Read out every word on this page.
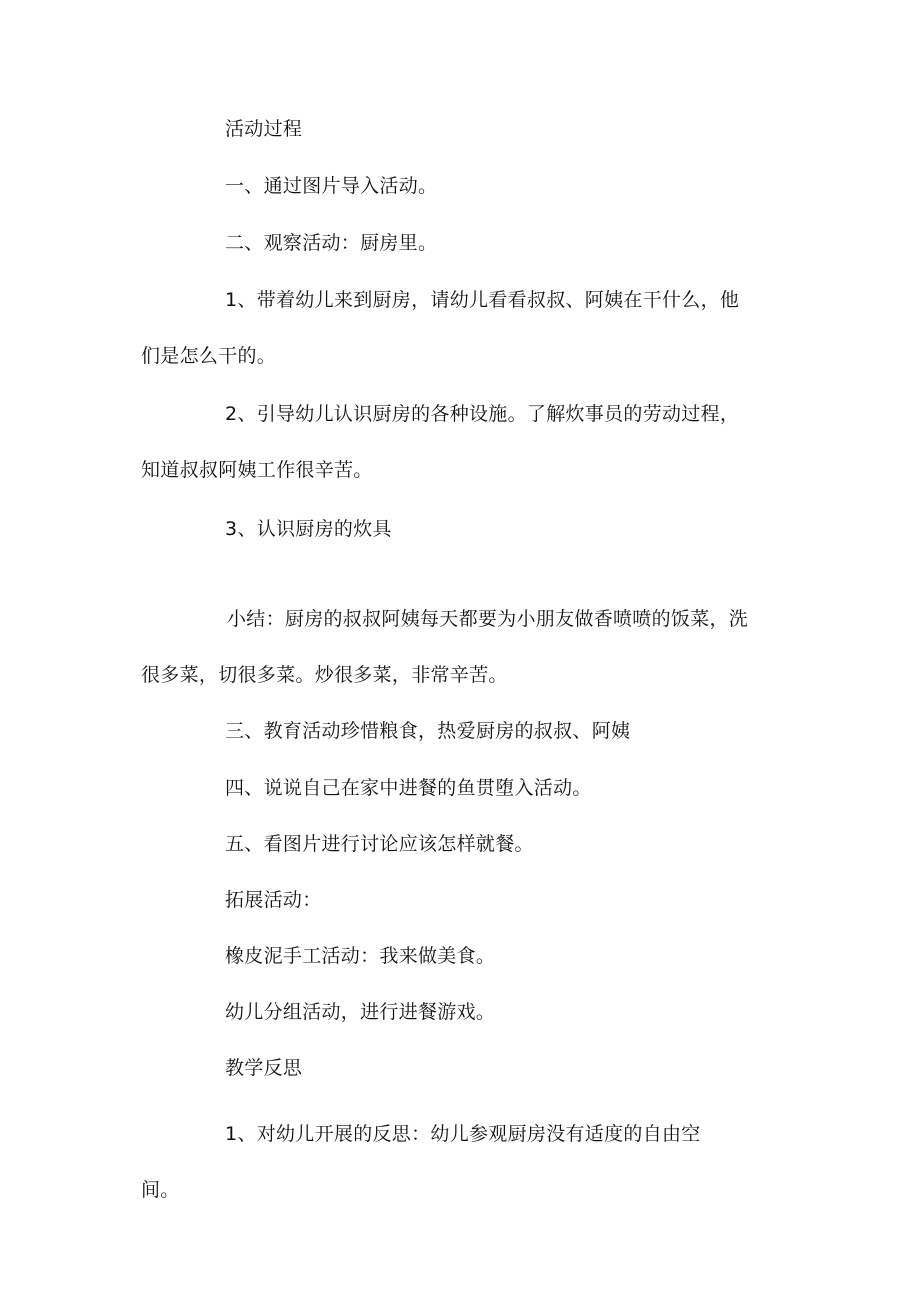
活动过程
一、通过图片导入活动。
二、观察活动：厨房里。
1、带着幼儿来到厨房，请幼儿看看叔叔、阿姨在干什么，他
们是怎么干的。
2、引导幼儿认识厨房的各种设施。了解炊事员的劳动过程，
知道叔叔阿姨工作很辛苦。
3、认识厨房的炊具
小结：厨房的叔叔阿姨每天都要为小朋友做香喷喷的饭菜，洗
很多菜，切很多菜。炒很多菜，非常辛苦。
三、教育活动珍惜粮食，热爱厨房的叔叔、阿姨
四、说说自己在家中进餐的鱼贯堕入活动。
五、看图片进行讨论应该怎样就餐。
拓展活动：
橡皮泥手工活动：我来做美食。
幼儿分组活动，进行进餐游戏。
教学反思
1、对幼儿开展的反思：幼儿参观厨房没有适度的自由空
间。
